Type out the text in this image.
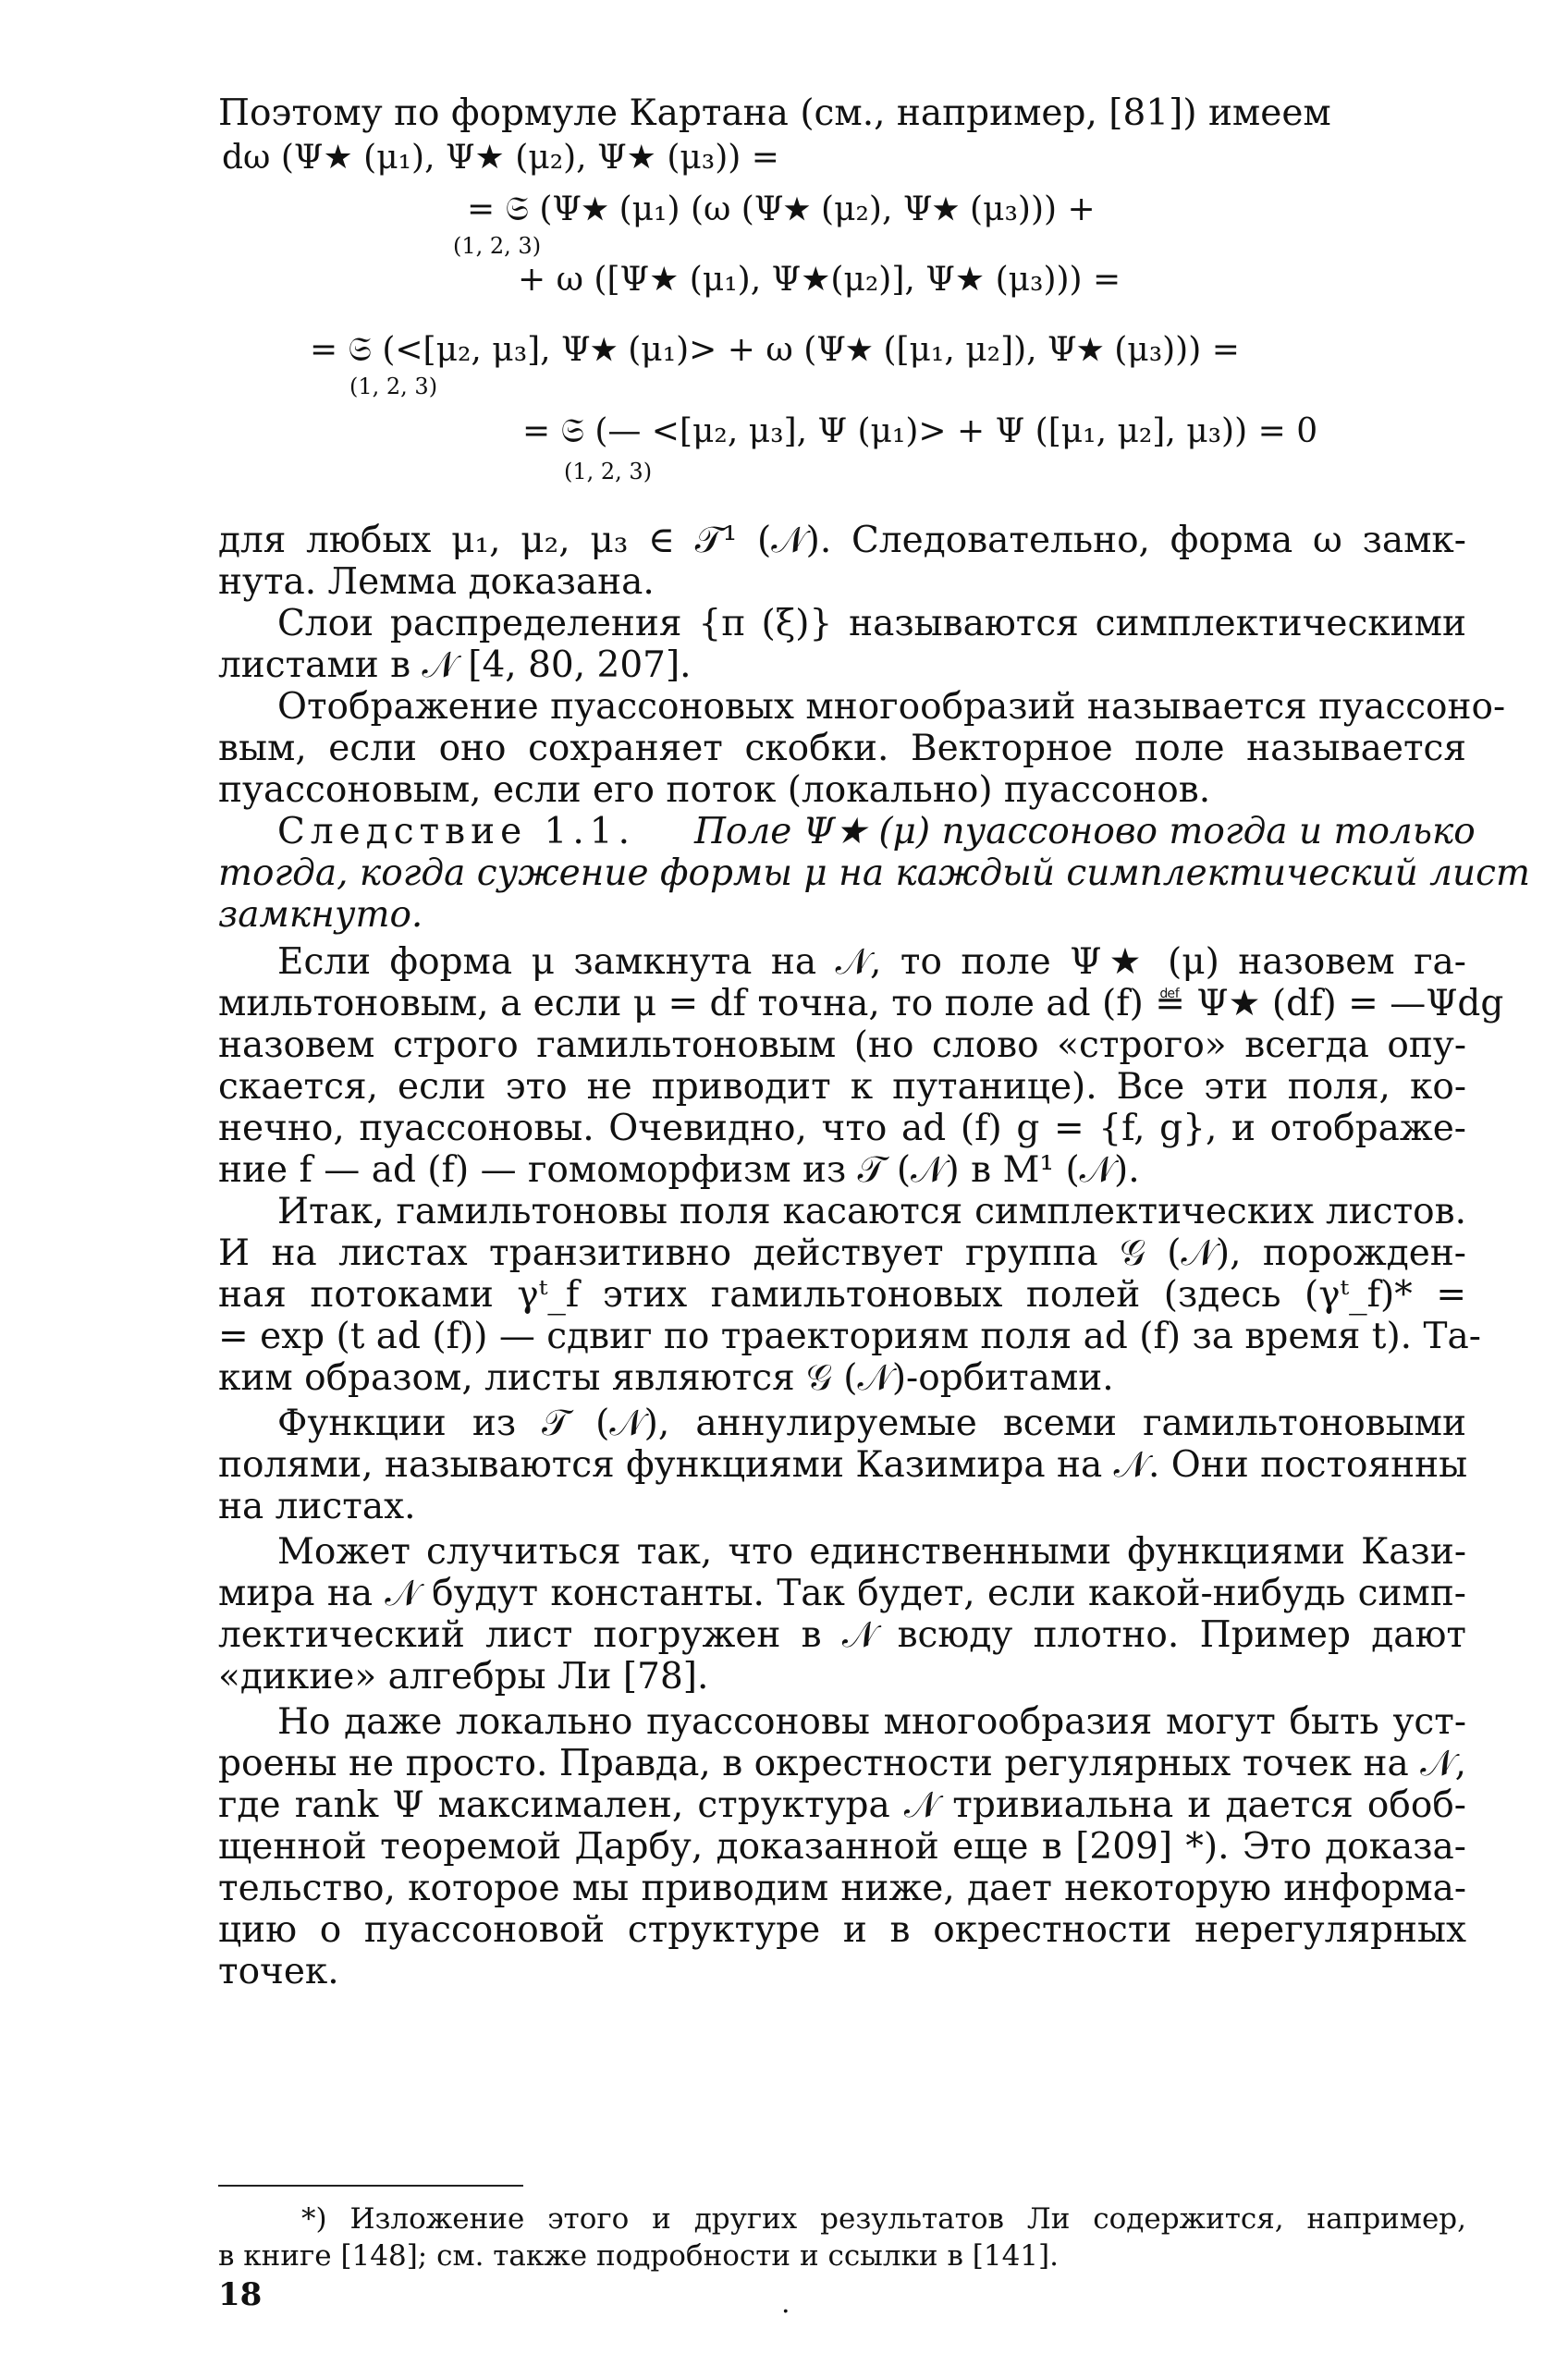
Поэтому по формуле Картана (см., например, [81]) имеем
dω (Ψ★ (μ₁), Ψ★ (μ₂), Ψ★ (μ₃)) =
= 𝔖 (Ψ★ (μ₁) (ω (Ψ★ (μ₂), Ψ★ (μ₃))) +
(1, 2, 3)
+ ω ([Ψ★ (μ₁), Ψ★(μ₂)], Ψ★ (μ₃))) =
= 𝔖 (<[μ₂, μ₃], Ψ★ (μ₁)> + ω (Ψ★ ([μ₁, μ₂]), Ψ★ (μ₃))) =
(1, 2, 3)
= 𝔖 (— <[μ₂, μ₃], Ψ (μ₁)> + Ψ ([μ₁, μ₂], μ₃)) = 0
(1, 2, 3)
для любых μ₁, μ₂, μ₃ ∈ 𝒯¹ (𝒩). Следовательно, форма ω замк-
нута. Лемма доказана.
Слои распределения {π (ξ)} называются симплектическими
листами в 𝒩 [4, 80, 207].
Отображение пуассоновых многообразий называется пуассоно-
вым, если оно сохраняет скобки. Векторное поле называется
пуассоновым, если его поток (локально) пуассонов.
Следствие 1.1.	Поле Ψ★ (μ) пуассоново тогда и только
тогда, когда сужение формы μ на каждый симплектический лист
замкнуто.
Если форма μ замкнута на 𝒩, то поле Ψ★ (μ) назовем га-
мильтоновым, а если μ = df точна, то поле ad (f) ≝ Ψ★ (df) = —Ψdg
назовем строго гамильтоновым (но слово «строго» всегда опу-
скается, если это не приводит к путанице). Все эти поля, ко-
нечно, пуассоновы. Очевидно, что ad (f) g = {f, g}, и отображе-
ние f — ad (f) — гомоморфизм из 𝒯 (𝒩) в M¹ (𝒩).
Итак, гамильтоновы поля касаются симплектических листов.
И на листах транзитивно действует группа 𝒢 (𝒩), порожден-
ная потоками γᵗ_f этих гамильтоновых полей (здесь (γᵗ_f)* =
= exp (t ad (f)) — сдвиг по траекториям поля ad (f) за время t). Та-
ким образом, листы являются 𝒢 (𝒩)-орбитами.
Функции из 𝒯 (𝒩), аннулируемые всеми гамильтоновыми
полями, называются функциями Казимира на 𝒩. Они постоянны
на листах.
Может случиться так, что единственными функциями Кази-
мира на 𝒩 будут константы. Так будет, если какой-нибудь симп-
лектический лист погружен в 𝒩 всюду плотно. Пример дают
«дикие» алгебры Ли [78].
Но даже локально пуассоновы многообразия могут быть уст-
роены не просто. Правда, в окрестности регулярных точек на 𝒩,
где rank Ψ максимален, структура 𝒩 тривиальна и дается обоб-
щенной теоремой Дарбу, доказанной еще в [209] *). Это доказа-
тельство, которое мы приводим ниже, дает некоторую информа-
цию о пуассоновой структуре и в окрестности нерегулярных
точек.
*) Изложение этого и других результатов Ли содержится, например,
в книге [148]; см. также подробности и ссылки в [141].
18	.
